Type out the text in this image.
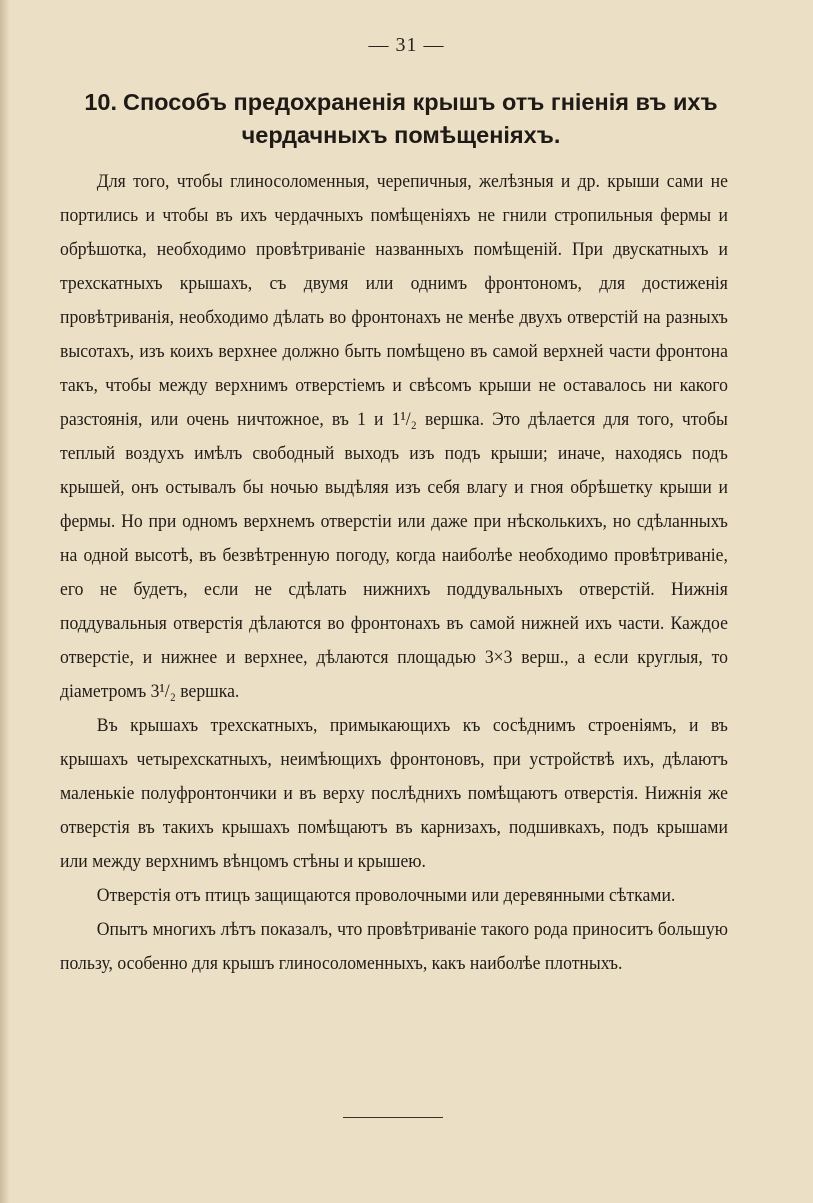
— 31 —
10. Способъ предохраненія крышъ отъ гніенія въ ихъ чердачныхъ помѣщеніяхъ.

Для того, чтобы глиносоломенныя, черепичныя, желѣзныя и др. крыши сами не портились и чтобы въ ихъ чердачныхъ помѣщеніяхъ не гнили стропильныя фермы и обрѣшотка, необходимо провѣтриваніе названныхъ помѣщеній. При двускатныхъ и трехскатныхъ крышахъ, съ двумя или однимъ фронтономъ, для достиженія провѣтриванія, необходимо дѣлать во фронтонахъ не менѣе двухъ отверстій на разныхъ высотахъ, изъ коихъ верхнее должно быть помѣщено въ самой верхней части фронтона такъ, чтобы между верхнимъ отверстіемъ и свѣсомъ крыши не оставалось ни какого разстоянія, или очень ничтожное, въ 1 и 1¹/₂ вершка. Это дѣлается для того, чтобы теплый воздухъ имѣлъ свободный выходъ изъ подъ крыши; иначе, находясь подъ крышей, онъ остывалъ бы ночью выдѣляя изъ себя влагу и гноя обрѣшетку крыши и фермы. Но при одномъ верхнемъ отверстіи или даже при нѣсколькихъ, но сдѣланныхъ на одной высотѣ, въ безвѣтренную погоду, когда наиболѣе необходимо провѣтриваніе, его не будетъ, если не сдѣлать нижнихъ поддувальныхъ отверстій. Нижнія поддувальныя отверстія дѣлаются во фронтонахъ въ самой нижней ихъ части. Каждое отверстіе, и нижнее и верхнее, дѣлаются площадью 3×3 верш., а если круглыя, то діаметромъ 3¹/₂ вершка.

Въ крышахъ трехскатныхъ, примыкающихъ къ сосѣднимъ строеніямъ, и въ крышахъ четырехскатныхъ, неимѣющихъ фронтоновъ, при устройствѣ ихъ, дѣлаютъ маленькіе полуфронтончики и въ верху послѣднихъ помѣщаютъ отверстія. Нижнія же отверстія въ такихъ крышахъ помѣщаютъ въ карнизахъ, подшивкахъ, подъ крышами или между верхнимъ вѣнцомъ стѣны и крышею.

Отверстія отъ птицъ защищаются проволочными или деревянными сѣтками.

Опытъ многихъ лѣтъ показалъ, что провѣтриваніе такого рода приноситъ большую пользу, особенно для крышъ глиносоломенныхъ, какъ наиболѣе плотныхъ.
